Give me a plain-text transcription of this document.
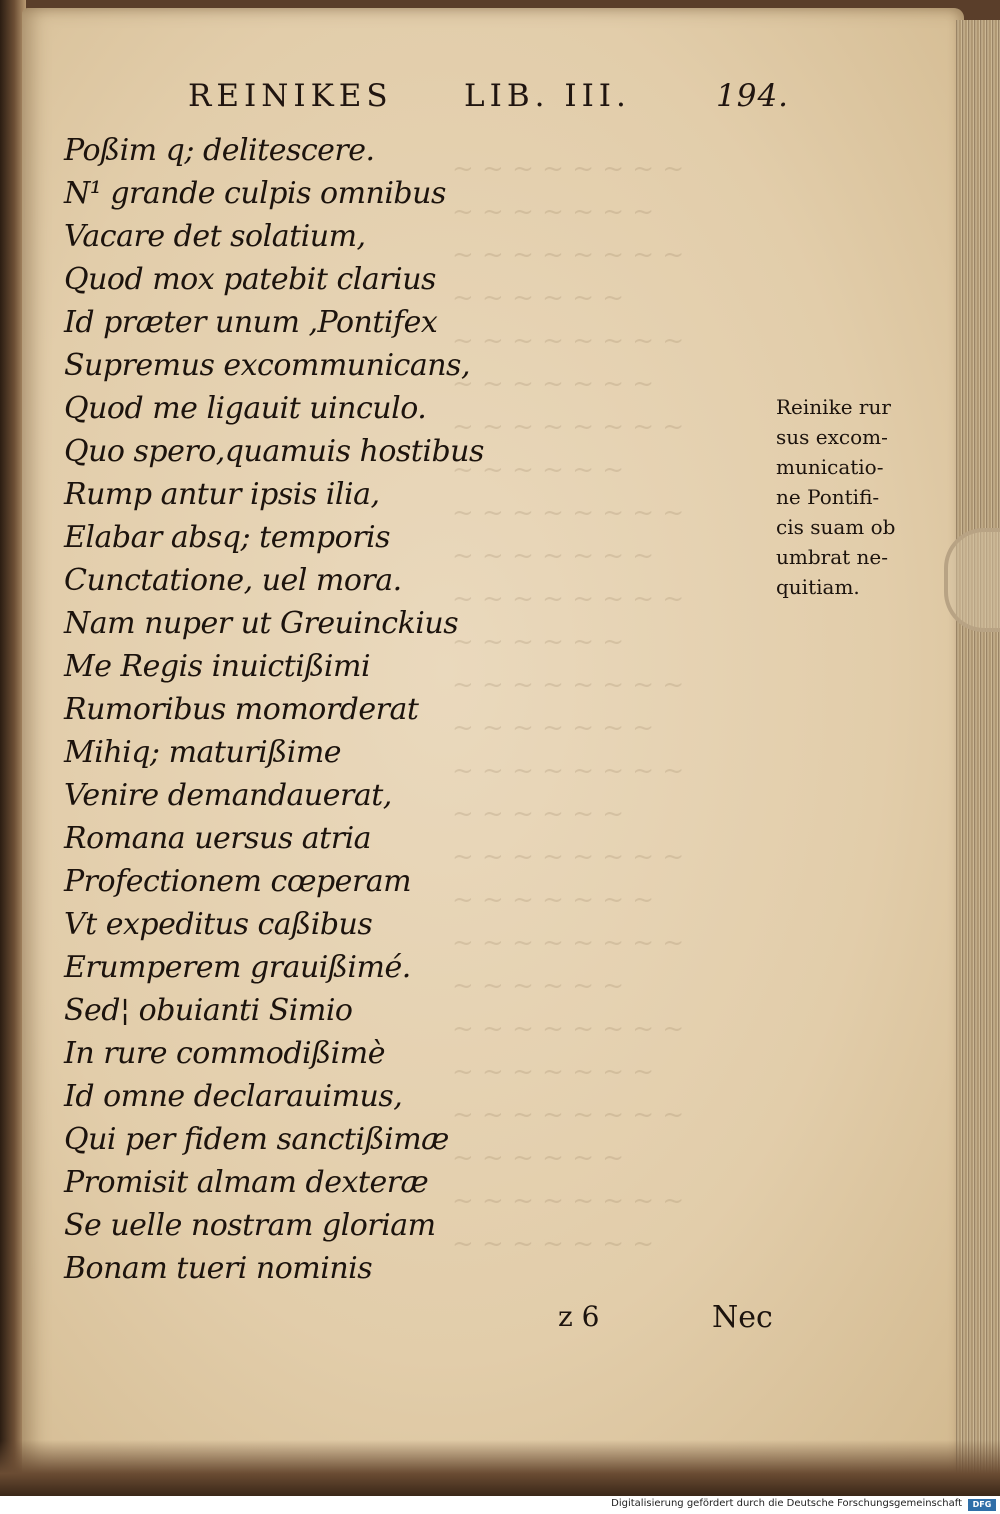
~ ~ ~ ~ ~ ~ ~ ~
~ ~ ~ ~ ~ ~ ~
~ ~ ~ ~ ~ ~ ~ ~
~ ~ ~ ~ ~ ~
~ ~ ~ ~ ~ ~ ~ ~
~ ~ ~ ~ ~ ~ ~
~ ~ ~ ~ ~ ~ ~ ~
~ ~ ~ ~ ~ ~
~ ~ ~ ~ ~ ~ ~ ~
~ ~ ~ ~ ~ ~ ~
~ ~ ~ ~ ~ ~ ~ ~
~ ~ ~ ~ ~ ~
~ ~ ~ ~ ~ ~ ~ ~
~ ~ ~ ~ ~ ~ ~
~ ~ ~ ~ ~ ~ ~ ~
~ ~ ~ ~ ~ ~
~ ~ ~ ~ ~ ~ ~ ~
~ ~ ~ ~ ~ ~ ~
~ ~ ~ ~ ~ ~ ~ ~
~ ~ ~ ~ ~ ~
~ ~ ~ ~ ~ ~ ~ ~
~ ~ ~ ~ ~ ~ ~
~ ~ ~ ~ ~ ~ ~ ~
~ ~ ~ ~ ~ ~
~ ~ ~ ~ ~ ~ ~ ~
~ ~ ~ ~ ~ ~ ~
REINIKES LIB. III.	194.
Poßim q; delitescere.
N¹ grande culpis omnibus
Vacare det solatium,
Quod mox patebit clarius
Id præter unum ,Pontifex
Supremus excommunicans,
Quod me ligauit uinculo.
Quo spero,quamuis hostibus
Rump antur ipsis ilia,
Elabar absq; temporis
Cunctatione, uel mora.
Nam nuper ut Greuinckius
Me Regis inuictißimi
Rumoribus momorderat
Mihiq; maturißime
Venire demandauerat,
Romana uersus atria
Profectionem cœperam
Vt expeditus caßibus
Erumperem grauißimé.
Sed¦ obuianti Simio
In rure commodißimè
Id omne declarauimus,
Qui per fidem sanctißimæ
Promisit almam dexteræ
Se uelle nostram gloriam
Bonam tueri nominis
Reinike rur
sus excom-
municatio-
ne Pontifi-
cis suam ob
umbrat ne-
quitiam.
z 6	Nec
Digitalisierung gefördert durch die Deutsche Forschungsgemeinschaft	DFG
